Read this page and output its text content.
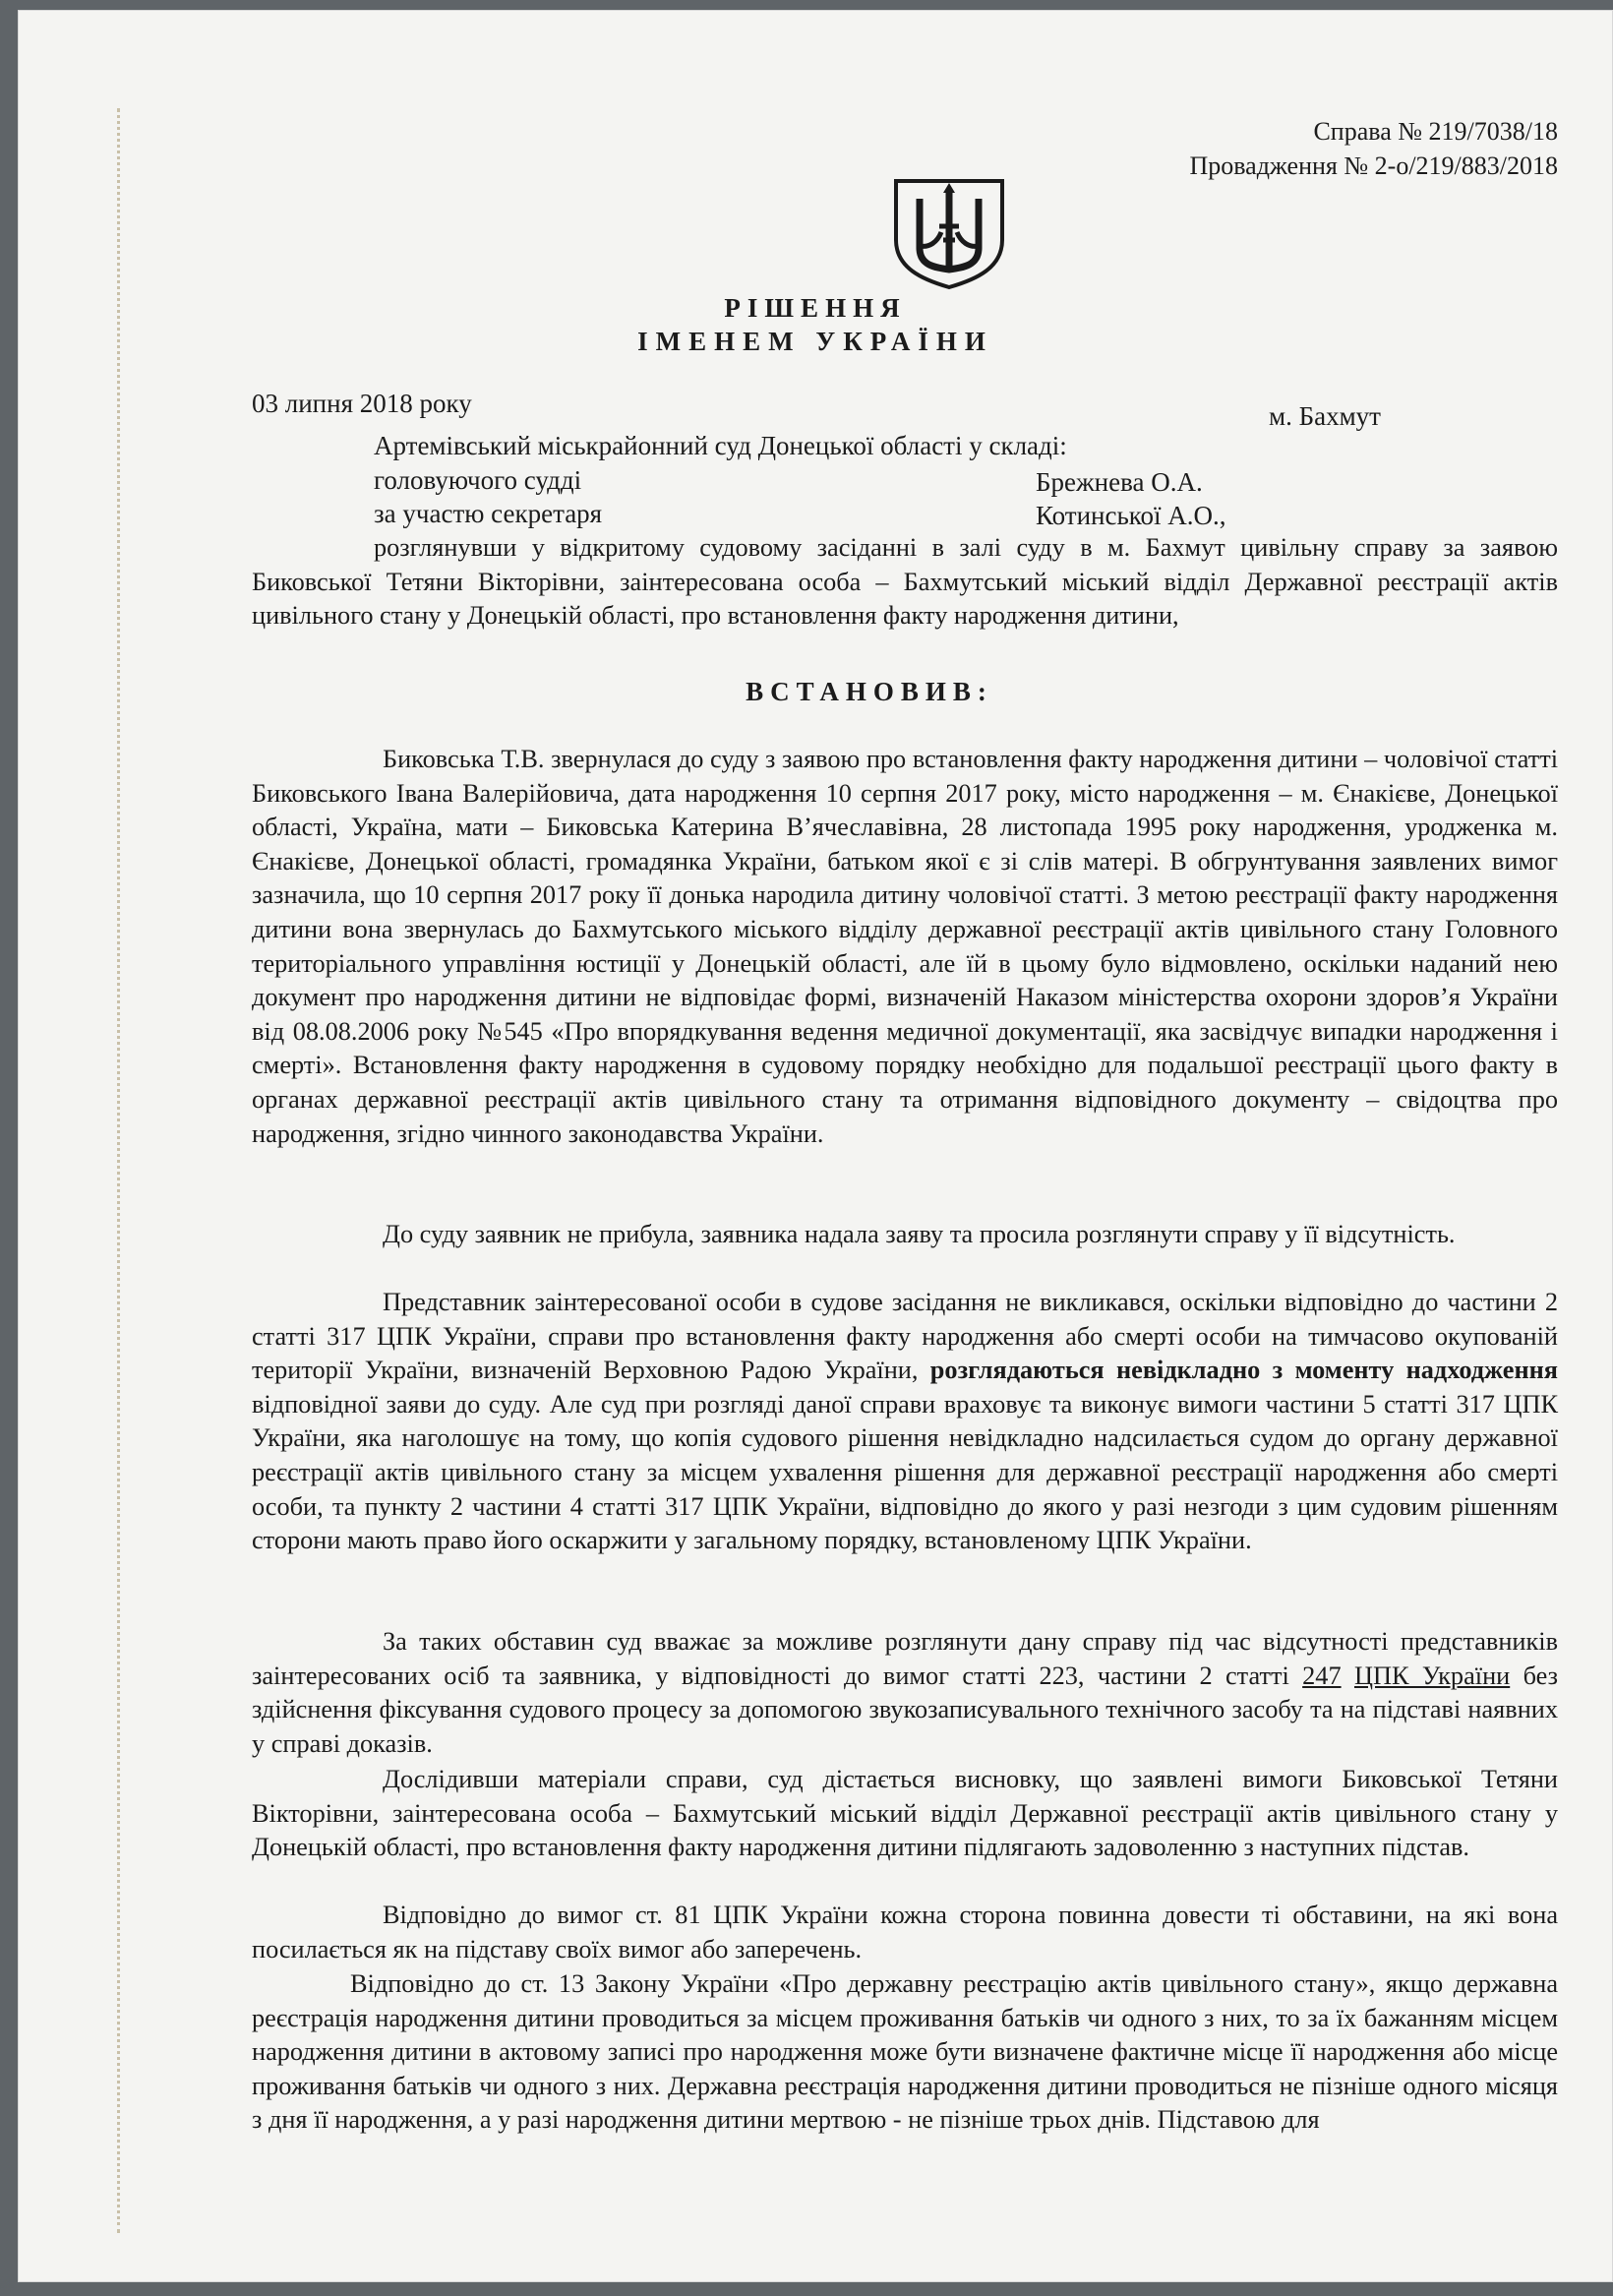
Справа № 219/7038/18
Провадження № 2-о/219/883/2018
РІШЕННЯ
ІМЕНЕМ УКРАЇНИ
03 липня 2018 року	м. Бахмут
Артемівський міськрайонний суд Донецької області у складі:
головуючого судді	Брежнева О.А.
за участю секретаря	Котинської А.О.,
розглянувши у відкритому судовому засіданні в залі суду в м. Бахмут цивільну справу за заявою Биковської Тетяни Вікторівни, заінтересована особа – Бахмутський міський відділ Державної реєстрації актів цивільного стану у Донецькій області, про встановлення факту народження дитини,
ВСТАНОВИВ:
Биковська Т.В. звернулася до суду з заявою про встановлення факту народження дитини – чоловічої статті Биковського Івана Валерійовича, дата народження 10 серпня 2017 року, місто народження – м. Єнакієве, Донецької області, Україна, мати – Биковська Катерина В’ячеславівна, 28 листопада 1995 року народження, уродженка м. Єнакієве, Донецької області, громадянка України, батьком якої є зі слів матері. В обгрунтування заявлених вимог зазначила, що 10 серпня 2017 року її донька народила дитину чоловічої статті. З метою реєстрації факту народження дитини вона звернулась до Бахмутського міського відділу державної реєстрації актів цивільного стану Головного територіального управління юстиції у Донецькій області, але їй в цьому було відмовлено, оскільки наданий нею документ про народження дитини не відповідає формі, визначеній Наказом міністерства охорони здоров’я України від 08.08.2006 року №545 «Про впорядкування ведення медичної документації, яка засвідчує випадки народження і смерті». Встановлення факту народження в судовому порядку необхідно для подальшої реєстрації цього факту в органах державної реєстрації актів цивільного стану та отримання відповідного документу – свідоцтва про народження, згідно чинного законодавства України.
До суду заявник не прибула, заявника надала заяву та просила розглянути справу у її відсутність.
Представник заінтересованої особи в судове засідання не викликався, оскільки відповідно до частини 2 статті 317 ЦПК України, справи про встановлення факту народження або смерті особи на тимчасово окупованій території України, визначеній Верховною Радою України, розглядаються невідкладно з моменту надходження відповідної заяви до суду. Але суд при розгляді даної справи враховує та виконує вимоги частини 5 статті 317 ЦПК України, яка наголошує на тому, що копія судового рішення невідкладно надсилається судом до органу державної реєстрації актів цивільного стану за місцем ухвалення рішення для державної реєстрації народження або смерті особи, та пункту 2 частини 4 статті 317 ЦПК України, відповідно до якого у разі незгоди з цим судовим рішенням сторони мають право його оскаржити у загальному порядку, встановленому ЦПК України.
За таких обставин суд вважає за можливе розглянути дану справу під час відсутності представників заінтересованих осіб та заявника, у відповідності до вимог статті 223, частини 2 статті 247 ЦПК України без здійснення фіксування судового процесу за допомогою звукозаписувального технічного засобу та на підставі наявних у справі доказів.
Дослідивши матеріали справи, суд дістається висновку, що заявлені вимоги Биковської Тетяни Вікторівни, заінтересована особа – Бахмутський міський відділ Державної реєстрації актів цивільного стану у Донецькій області, про встановлення факту народження дитини підлягають задоволенню з наступних підстав.
Відповідно до вимог ст. 81 ЦПК України кожна сторона повинна довести ті обставини, на які вона посилається як на підставу своїх вимог або заперечень.
Відповідно до ст. 13 Закону України «Про державну реєстрацію актів цивільного стану», якщо державна реєстрація народження дитини проводиться за місцем проживання батьків чи одного з них, то за їх бажанням місцем народження дитини в актовому записі про народження може бути визначене фактичне місце її народження або місце проживання батьків чи одного з них. Державна реєстрація народження дитини проводиться не пізніше одного місяця з дня її народження, а у разі народження дитини мертвою - не пізніше трьох днів. Підставою для
